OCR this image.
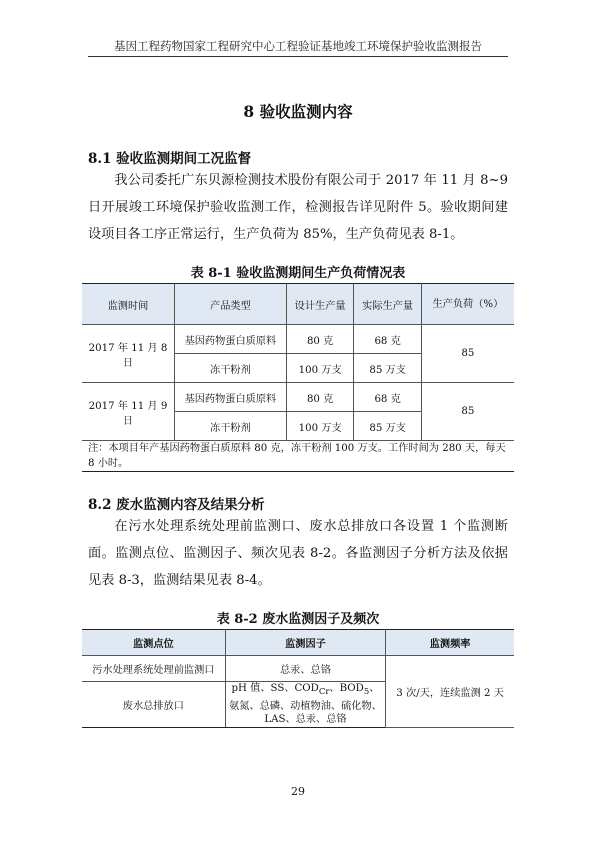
基因工程药物国家工程研究中心工程验证基地竣工环境保护验收监测报告
8 验收监测内容
8.1 验收监测期间工况监督
我公司委托广东贝源检测技术股份有限公司于 2017 年 11 月 8~9 日开展竣工环境保护验收监测工作，检测报告详见附件 5。验收期间建设项目各工序正常运行，生产负荷为 85%，生产负荷见表 8-1。
表 8-1 验收监测期间生产负荷情况表
监测时间	产品类型	设计生产量	实际生产量	生产负荷（%）
2017 年 11 月 8 日	基因药物蛋白质原料	80 克	68 克	85
	冻干粉剂	100 万支	85 万支	
2017 年 11 月 9 日	基因药物蛋白质原料	80 克	68 克	85
	冻干粉剂	100 万支	85 万支	
注：本项目年产基因药物蛋白质原料 80 克，冻干粉剂 100 万支。工作时间为 280 天，每天 8 小时。				
8.2 废水监测内容及结果分析
在污水处理系统处理前监测口、废水总排放口各设置 1 个监测断面。监测点位、监测因子、频次见表 8-2。各监测因子分析方法及依据见表 8-3，监测结果见表 8-4。
表 8-2 废水监测因子及频次
监测点位	监测因子	监测频率
污水处理系统处理前监测口	总汞、总铬	3 次/天，连续监测 2 天
废水总排放口	pH 值、SS、$COD_{Cr}$、$BOD_5$、氨氮、总磷、动植物油、硫化物、LAS、总汞、总铬	
29
